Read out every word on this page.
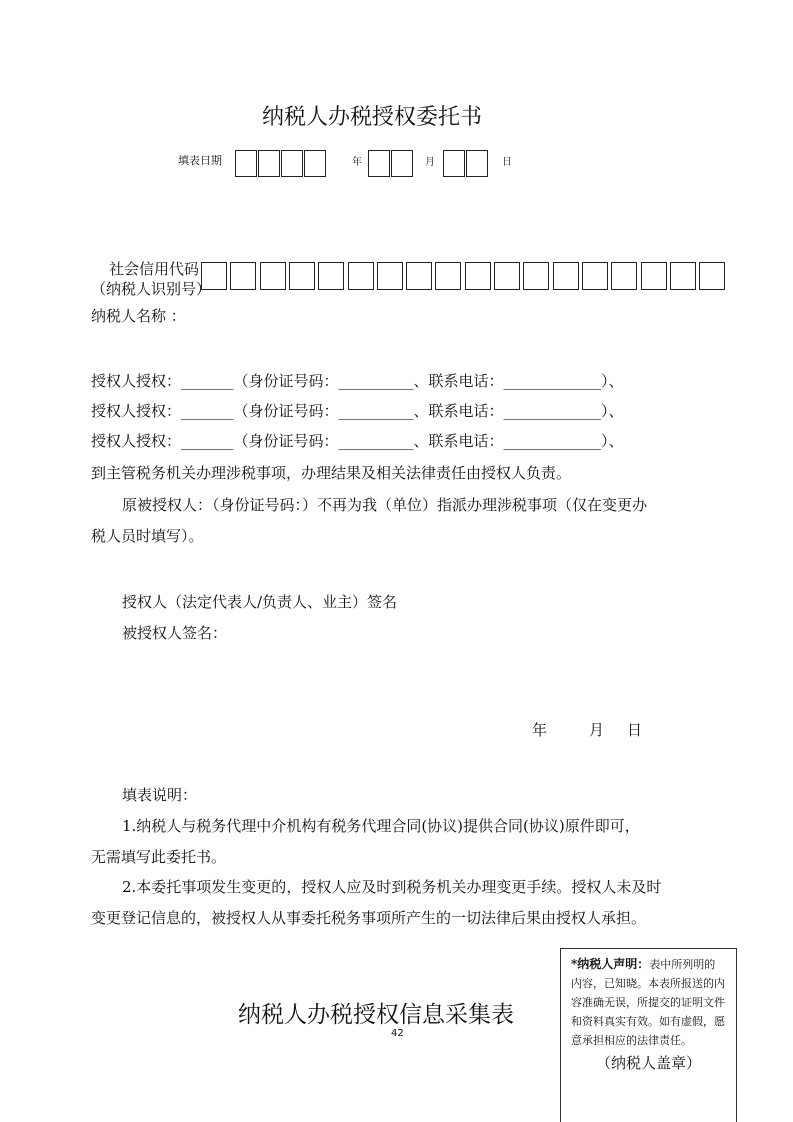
纳税人办税授权委托书
填表日期	年	月	日
社会信用代码
（纳税人识别号）
纳税人名称 ：
授权人授权：_______（身份证号码：__________、联系电话：_____________）、
授权人授权：_______（身份证号码：__________、联系电话：_____________）、
授权人授权：_______（身份证号码：__________、联系电话：_____________）、
到主管税务机关办理涉税事项，办理结果及相关法律责任由授权人负责。
原被授权人：（身份证号码：）不再为我（单位）指派办理涉税事项（仅在变更办
税人员时填写）。
授权人（法定代表人/负责人、业主）签名
被授权人签名：
年	月 日
填表说明：
1.纳税人与税务代理中介机构有税务代理合同(协议)提供合同(协议)原件即可，
无需填写此委托书。
2.本委托事项发生变更的，授权人应及时到税务机关办理变更手续。授权人未及时
变更登记信息的，被授权人从事委托税务事项所产生的一切法律后果由授权人承担。
纳税人办税授权信息采集表
42
*纳税人声明：表中所列明的内容，已知晓。本表所报送的内容准确无误，所提交的证明文件和资料真实有效。如有虚假，愿意承担相应的法律责任。
（纳税人盖章）
